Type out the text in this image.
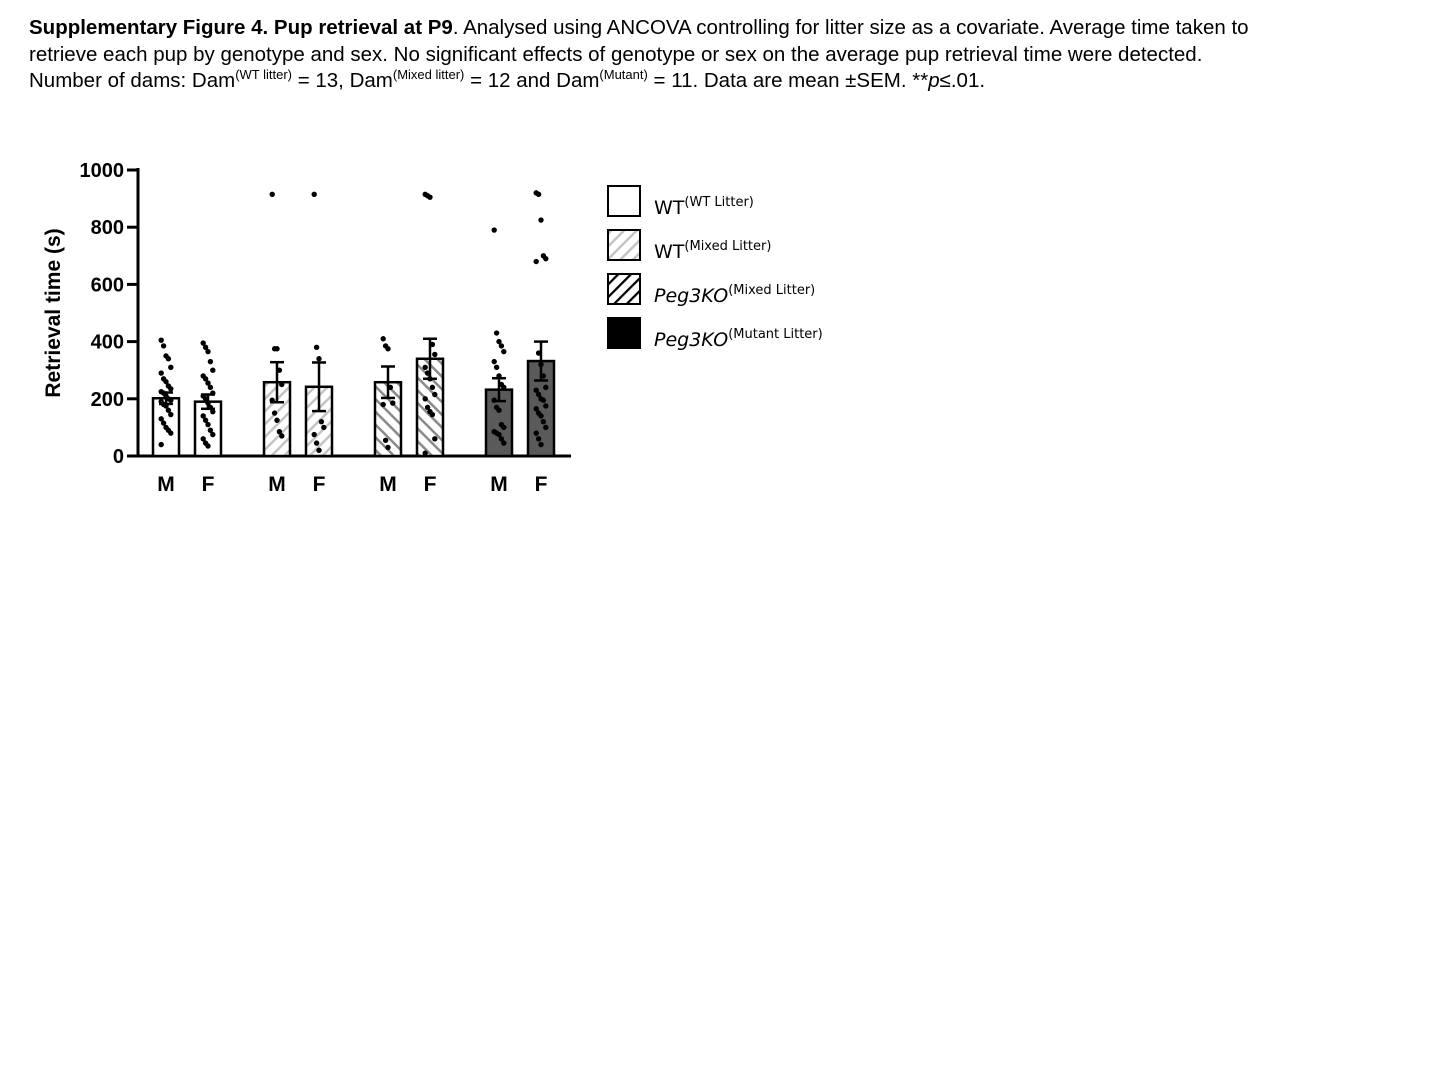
Supplementary Figure 4. Pup retrieval at P9. Analysed using ANCOVA controlling for litter size as a covariate. Average time taken to
retrieve each pup by genotype and sex. No significant effects of genotype or sex on the average pup retrieval time were detected.
Number of dams: Dam$^{(WT litter)}$ = 13, Dam$^{(Mixed litter)}$ = 12 and Dam$^{(Mutant)}$ = 11. Data are mean ±SEM. **p≤.01.
0
200
400
600
800
1000
Retrieval time (s)
M F	M F	M F	M F
$WT^{(WT Litter)}$
$WT^{(Mixed Litter)}$
$Peg3KO^{(Mixed Litter)}$
$Peg3KO^{(Mutant Litter)}$
